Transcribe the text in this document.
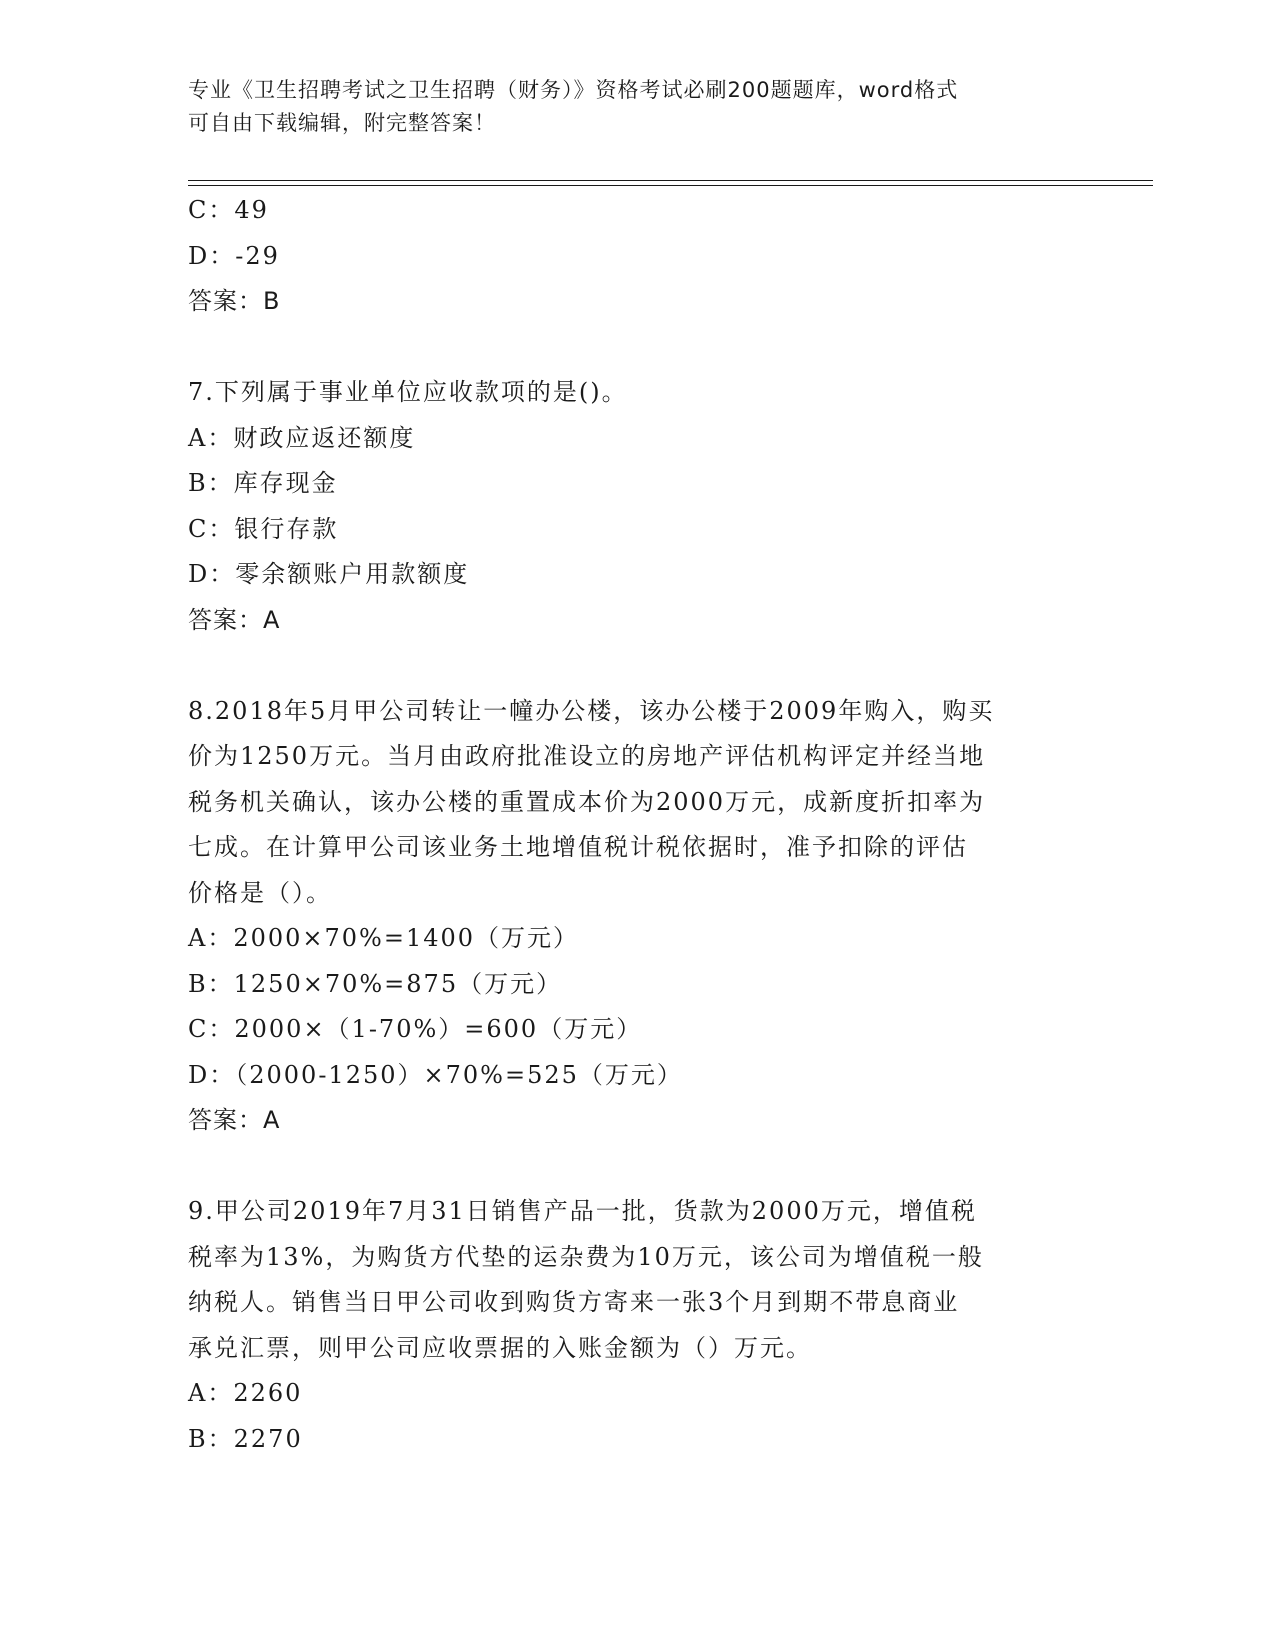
专业《卫生招聘考试之卫生招聘（财务）》资格考试必刷200题题库，word格式
可自由下载编辑，附完整答案！
C：49
D：-29
答案：B
7.下列属于事业单位应收款项的是()。
A：财政应返还额度
B：库存现金
C：银行存款
D：零余额账户用款额度
答案：A
8.2018年5月甲公司转让一幢办公楼，该办公楼于2009年购入，购买
价为1250万元。当月由政府批准设立的房地产评估机构评定并经当地
税务机关确认，该办公楼的重置成本价为2000万元，成新度折扣率为
七成。在计算甲公司该业务土地增值税计税依据时，准予扣除的评估
价格是（）。
A：2000×70%=1400（万元）
B：1250×70%=875（万元）
C：2000×（1-70%）=600（万元）
D：（2000-1250）×70%=525（万元）
答案：A
9.甲公司2019年7月31日销售产品一批，货款为2000万元，增值税
税率为13%，为购货方代垫的运杂费为10万元，该公司为增值税一般
纳税人。销售当日甲公司收到购货方寄来一张3个月到期不带息商业
承兑汇票，则甲公司应收票据的入账金额为（）万元。
A：2260
B：2270
